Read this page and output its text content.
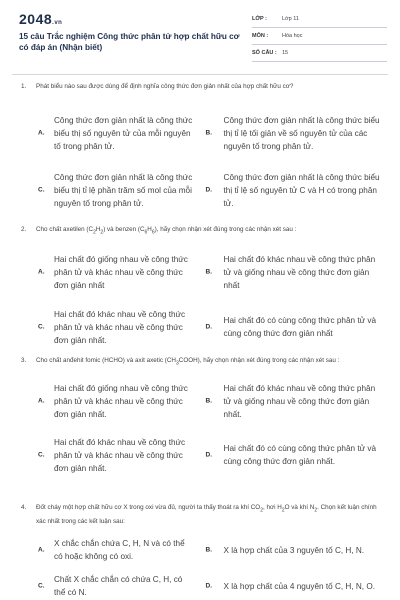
2048.vn
15 câu Trắc nghiệm Công thức phân tử hợp chất hữu cơ có đáp án (Nhận biết)
LỚP :	Lớp 11
MÔN :	Hóa học
SỐ CÂU : 15
1. Phát biểu nào sau được dùng để định nghĩa công thức đơn giản nhất của hợp chất hữu cơ?
A.
Công thức đơn giản nhất là công thức biểu thị số nguyên tử của mỗi nguyên tố trong phân tử.
B.
Công thức đơn giản nhất là công thức biểu thị tỉ lệ tối giản về số nguyên tử của các nguyên tố trong phân tử.
C.
Công thức đơn giản nhất là công thức biểu thị tỉ lệ phần trăm số mol của mỗi nguyên tố trong phân tử.
D.
Công thức đơn giản nhất là công thức biểu thị tỉ lệ số nguyên tử C và H có trong phân tử.
2. Cho chất axetilen $(C_2H_2)$ và benzen $(C_6H_6)$, hãy chọn nhận xét đúng trong các nhận xét sau :
A.
Hai chất đó giống nhau về công thức phân tử và khác nhau về công thức đơn giản nhất
B.
Hai chất đó khác nhau về công thức phân tử và giống nhau về công thức đơn giản nhất
C.
Hai chất đó khác nhau về công thức phân tử và khác nhau về công thức đơn giản nhất.
D.
Hai chất đó có cùng công thức phân tử và cùng công thức đơn giản nhất
3. Cho chất anđehit fomic (HCHO) và axit axetic $(CH_3COOH)$, hãy chọn nhận xét đúng trong các nhận xét sau :
A.
Hai chất đó giống nhau về công thức phân tử và khác nhau về công thức đơn giản nhất.
B.
Hai chất đó khác nhau về công thức phân tử và giống nhau về công thức đơn giản nhất.
C.
Hai chất đó khác nhau về công thức phân tử và khác nhau về công thức đơn giản nhất.
D.
Hai chất đó có cùng công thức phân tử và cùng công thức đơn giản nhất.
4. Đốt cháy một hợp chất hữu cơ X trong oxi vừa đủ, người ta thấy thoát ra khí $CO_2$, hơi $H_2O$ và khí $N_2$. Chọn kết luận chính xác nhất trong các kết luận sau:
A.
X chắc chắn chứa C, H, N và có thể có hoặc không có oxi.
B. X là hợp chất của 3 nguyên tố C, H, N.
C.
Chất X chắc chắn có chứa C, H, có thể có N.
D. X là hợp chất của 4 nguyên tố C, H, N, O.
